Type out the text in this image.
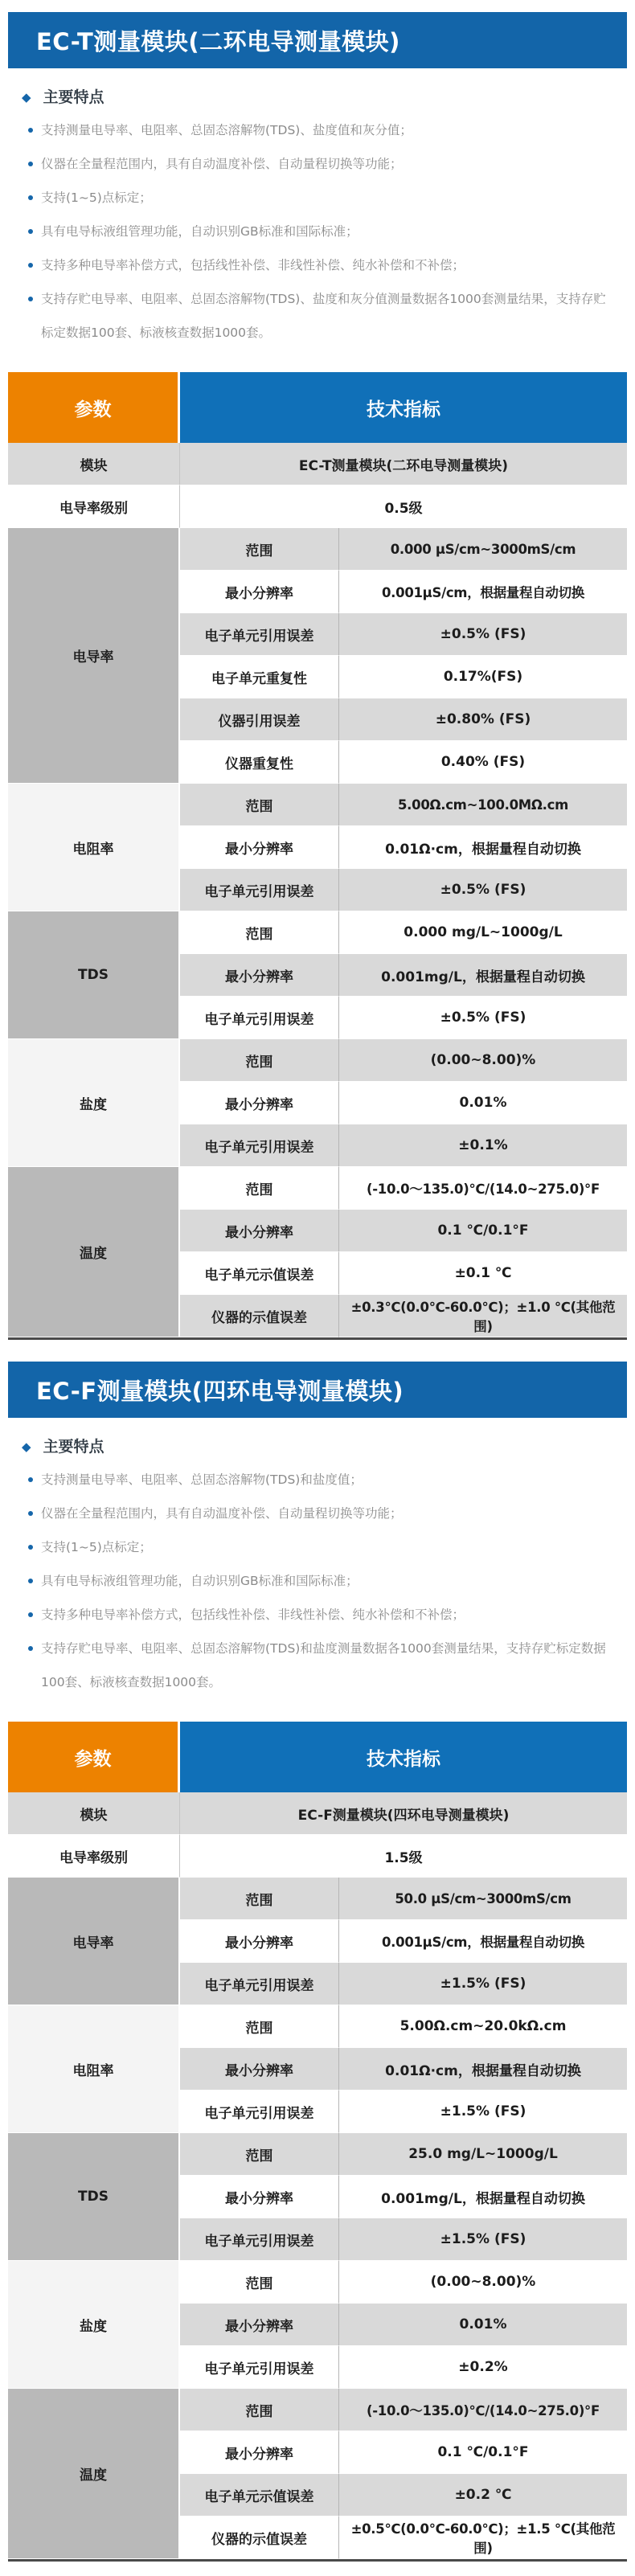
EC-T测量模块(二环电导测量模块)
◆ 主要特点
支持测量电导率、电阻率、总固态溶解物(TDS)、盐度值和灰分值；
仪器在全量程范围内，具有自动温度补偿、自动量程切换等功能；
支持(1~5)点标定；
具有电导标液组管理功能，自动识别GB标准和国际标准；
支持多种电导率补偿方式，包括线性补偿、非线性补偿、纯水补偿和不补偿；
支持存贮电导率、电阻率、总固态溶解物(TDS)、盐度和灰分值测量数据各1000套测量结果，支持存贮标定数据100套、标液核查数据1000套。
参数	技术指标	
模块	EC-T测量模块(二环电导测量模块)	
电导率级别	0.5级	
电导率	范围	0.000 μS/cm~3000mS/cm
	最小分辨率	0.001μS/cm，根据量程自动切换
	电子单元引用误差	±0.5% (FS)
	电子单元重复性	0.17%(FS)
	仪器引用误差	±0.80% (FS)
	仪器重复性	0.40% (FS)
电阻率	范围	5.00Ω.cm~100.0MΩ.cm
	最小分辨率	0.01Ω·cm，根据量程自动切换
	电子单元引用误差	±0.5% (FS)
TDS	范围	0.000 mg/L~1000g/L
	最小分辨率	0.001mg/L，根据量程自动切换
	电子单元引用误差	±0.5% (FS)
盐度	范围	(0.00~8.00)%
	最小分辨率	0.01%
	电子单元引用误差	±0.1%
温度	范围	(-10.0～135.0)℃/(14.0~275.0)°F
	最小分辨率	0.1 ℃/0.1°F
	电子单元示值误差	±0.1 ℃
	仪器的示值误差	±0.3℃(0.0℃-60.0℃)；±1.0 ℃(其他范围)
EC-F测量模块(四环电导测量模块)
◆ 主要特点
支持测量电导率、电阻率、总固态溶解物(TDS)和盐度值；
仪器在全量程范围内，具有自动温度补偿、自动量程切换等功能；
支持(1~5)点标定；
具有电导标液组管理功能，自动识别GB标准和国际标准；
支持多种电导率补偿方式，包括线性补偿、非线性补偿、纯水补偿和不补偿；
支持存贮电导率、电阻率、总固态溶解物(TDS)和盐度测量数据各1000套测量结果，支持存贮标定数据100套、标液核查数据1000套。
参数	技术指标	
模块	EC-F测量模块(四环电导测量模块)	
电导率级别	1.5级	
电导率	范围	50.0 μS/cm~3000mS/cm
	最小分辨率	0.001μS/cm，根据量程自动切换
	电子单元引用误差	±1.5% (FS)
电阻率	范围	5.00Ω.cm~20.0kΩ.cm
	最小分辨率	0.01Ω·cm，根据量程自动切换
	电子单元引用误差	±1.5% (FS)
TDS	范围	25.0 mg/L~1000g/L
	最小分辨率	0.001mg/L，根据量程自动切换
	电子单元引用误差	±1.5% (FS)
盐度	范围	(0.00~8.00)%
	最小分辨率	0.01%
	电子单元引用误差	±0.2%
温度	范围	(-10.0～135.0)℃/(14.0~275.0)°F
	最小分辨率	0.1 ℃/0.1°F
	电子单元示值误差	±0.2 ℃
	仪器的示值误差	±0.5℃(0.0℃-60.0℃)；±1.5 ℃(其他范围)
